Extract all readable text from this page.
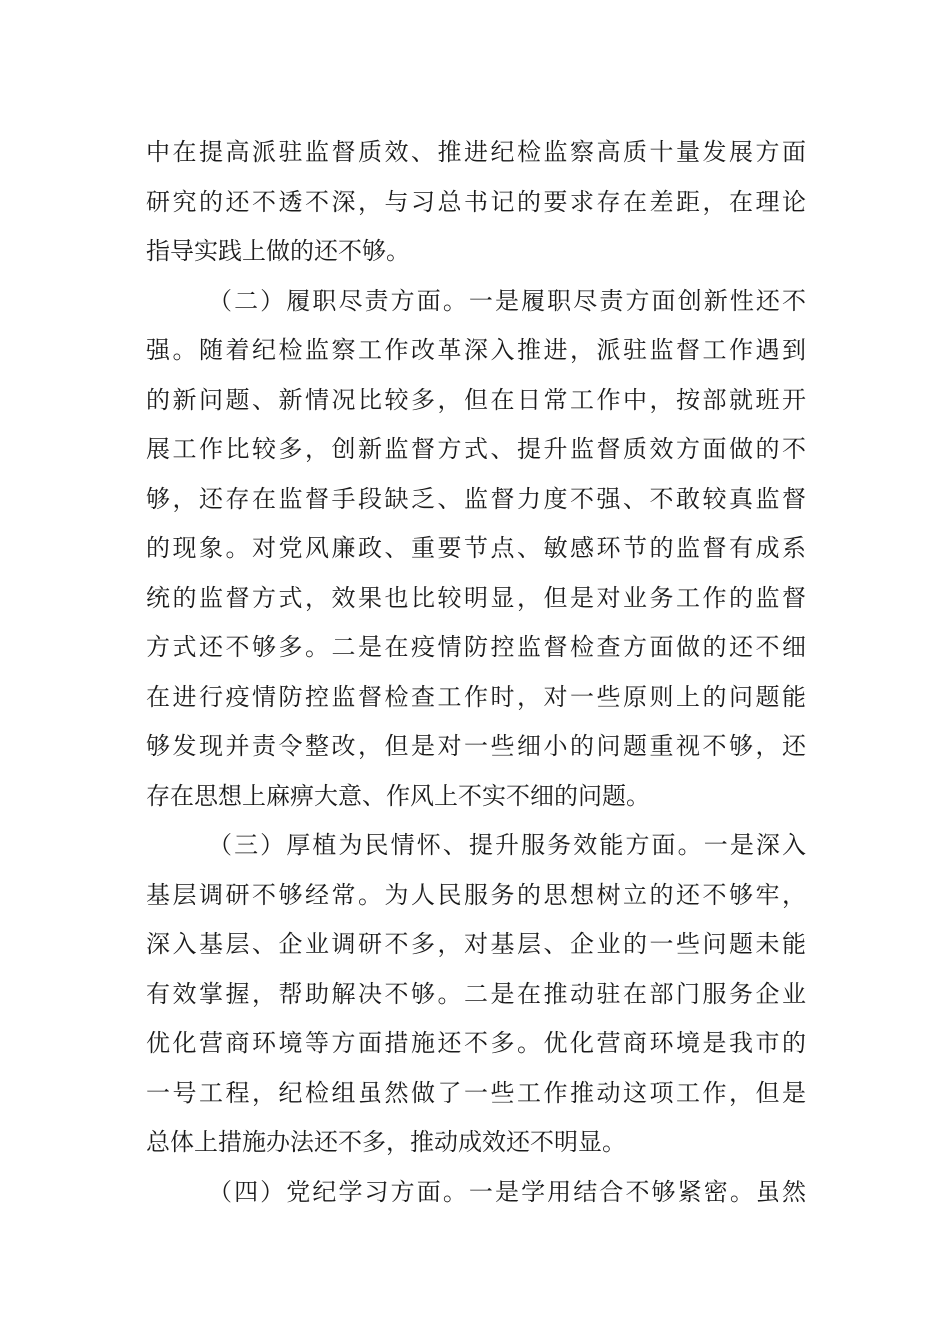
中在提高派驻监督质效、推进纪检监察高质十量发展方面
研究的还不透不深，与习总书记的要求存在差距，在理论
指导实践上做的还不够。
（二）履职尽责方面。一是履职尽责方面创新性还不
强。随着纪检监察工作改革深入推进，派驻监督工作遇到
的新问题、新情况比较多，但在日常工作中，按部就班开
展工作比较多，创新监督方式、提升监督质效方面做的不
够，还存在监督手段缺乏、监督力度不强、不敢较真监督
的现象。对党风廉政、重要节点、敏感环节的监督有成系
统的监督方式，效果也比较明显，但是对业务工作的监督
方式还不够多。二是在疫情防控监督检查方面做的还不细
在进行疫情防控监督检查工作时，对一些原则上的问题能
够发现并责令整改，但是对一些细小的问题重视不够，还
存在思想上麻痹大意、作风上不实不细的问题。
（三）厚植为民情怀、提升服务效能方面。一是深入
基层调研不够经常。为人民服务的思想树立的还不够牢，
深入基层、企业调研不多，对基层、企业的一些问题未能
有效掌握，帮助解决不够。二是在推动驻在部门服务企业
优化营商环境等方面措施还不多。优化营商环境是我市的
一号工程，纪检组虽然做了一些工作推动这项工作，但是
总体上措施办法还不多，推动成效还不明显。
（四）党纪学习方面。一是学用结合不够紧密。虽然
